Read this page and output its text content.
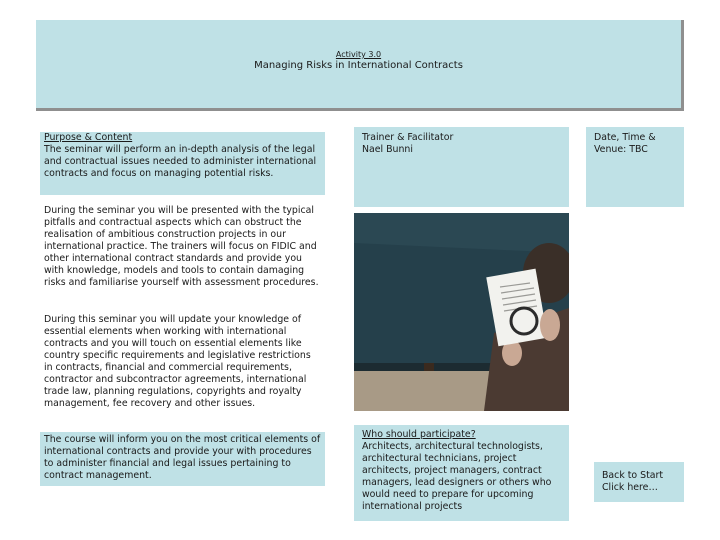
Activity 3.0
Managing Risks in International Contracts

Purpose & Content

The seminar will perform an in-depth analysis of the legal and contractual issues needed to administer international contracts and focus on managing potential risks.

During the seminar you will be presented with the typical pitfalls and contractual aspects which can obstruct the realisation of ambitious construction projects in our international practice. The trainers will focus on FIDIC and other international contract standards and provide you with knowledge, models and tools to contain damaging risks and familiarise yourself with assessment procedures.

During this seminar you will update your knowledge of essential elements when working with international contracts and you will touch on essential elements like country specific requirements and legislative restrictions in contracts, financial and commercial requirements, contractor and subcontractor agreements, international trade law, planning regulations, copyrights and royalty management, fee recovery and other issues.

The course will inform you on the most critical elements of international contracts and provide your with procedures to administer financial and legal issues pertaining to contract management.

Trainer & Facilitator

Nael Bunni

Date, Time & Venue: TBC

Who should participate?

Architects, architectural technologists, architectural technicians, project architects, project managers, contract managers, lead designers or others who would need to prepare for upcoming international projects

Back to Start

Click here…
